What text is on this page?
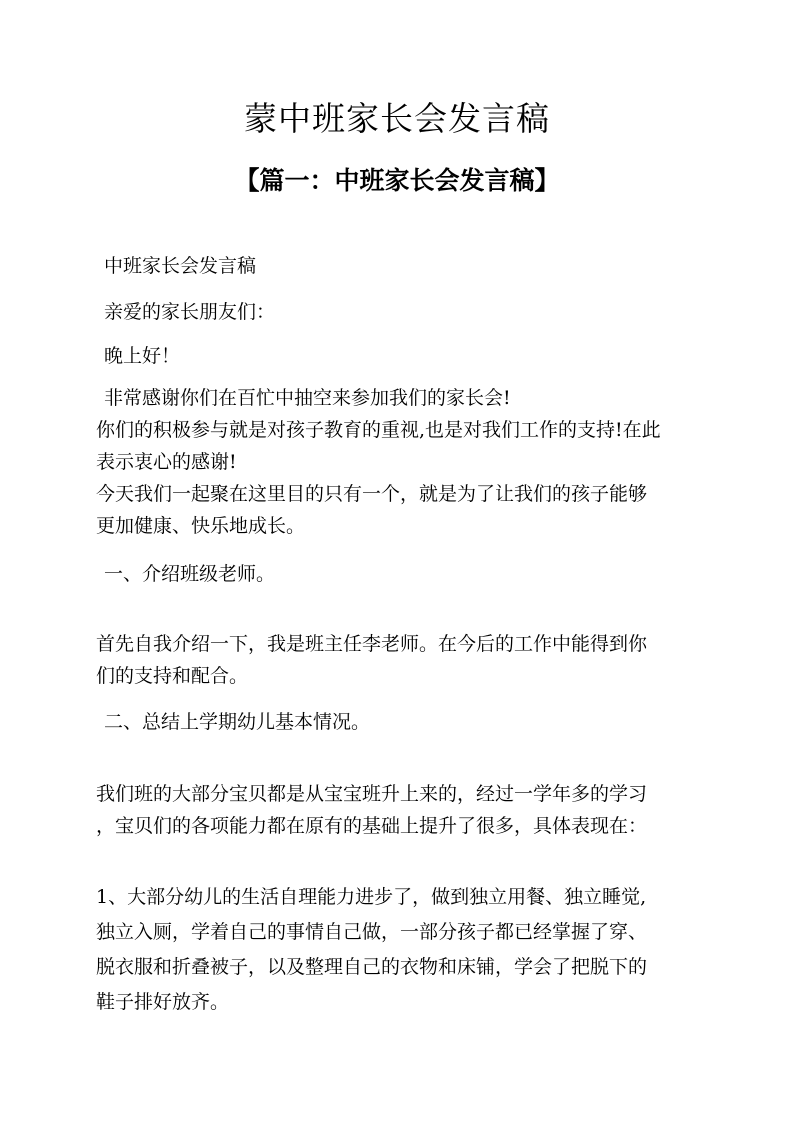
蒙中班家长会发言稿
【篇一：中班家长会发言稿】

中班家长会发言稿

亲爱的家长朋友们：

晚上好！

非常感谢你们在百忙中抽空来参加我们的家长会!
你们的积极参与就是对孩子教育的重视,也是对我们工作的支持!在此
表示衷心的感谢!
今天我们一起聚在这里目的只有一个，就是为了让我们的孩子能够
更加健康、快乐地成长。

一、介绍班级老师。

首先自我介绍一下，我是班主任李老师。在今后的工作中能得到你
们的支持和配合。

二、总结上学期幼儿基本情况。

我们班的大部分宝贝都是从宝宝班升上来的，经过一学年多的学习
，宝贝们的各项能力都在原有的基础上提升了很多，具体表现在：
1、大部分幼儿的生活自理能力进步了，做到独立用餐、独立睡觉,
独立入厕，学着自己的事情自己做，一部分孩子都已经掌握了穿、
脱衣服和折叠被子，以及整理自己的衣物和床铺，学会了把脱下的
鞋子排好放齐。
